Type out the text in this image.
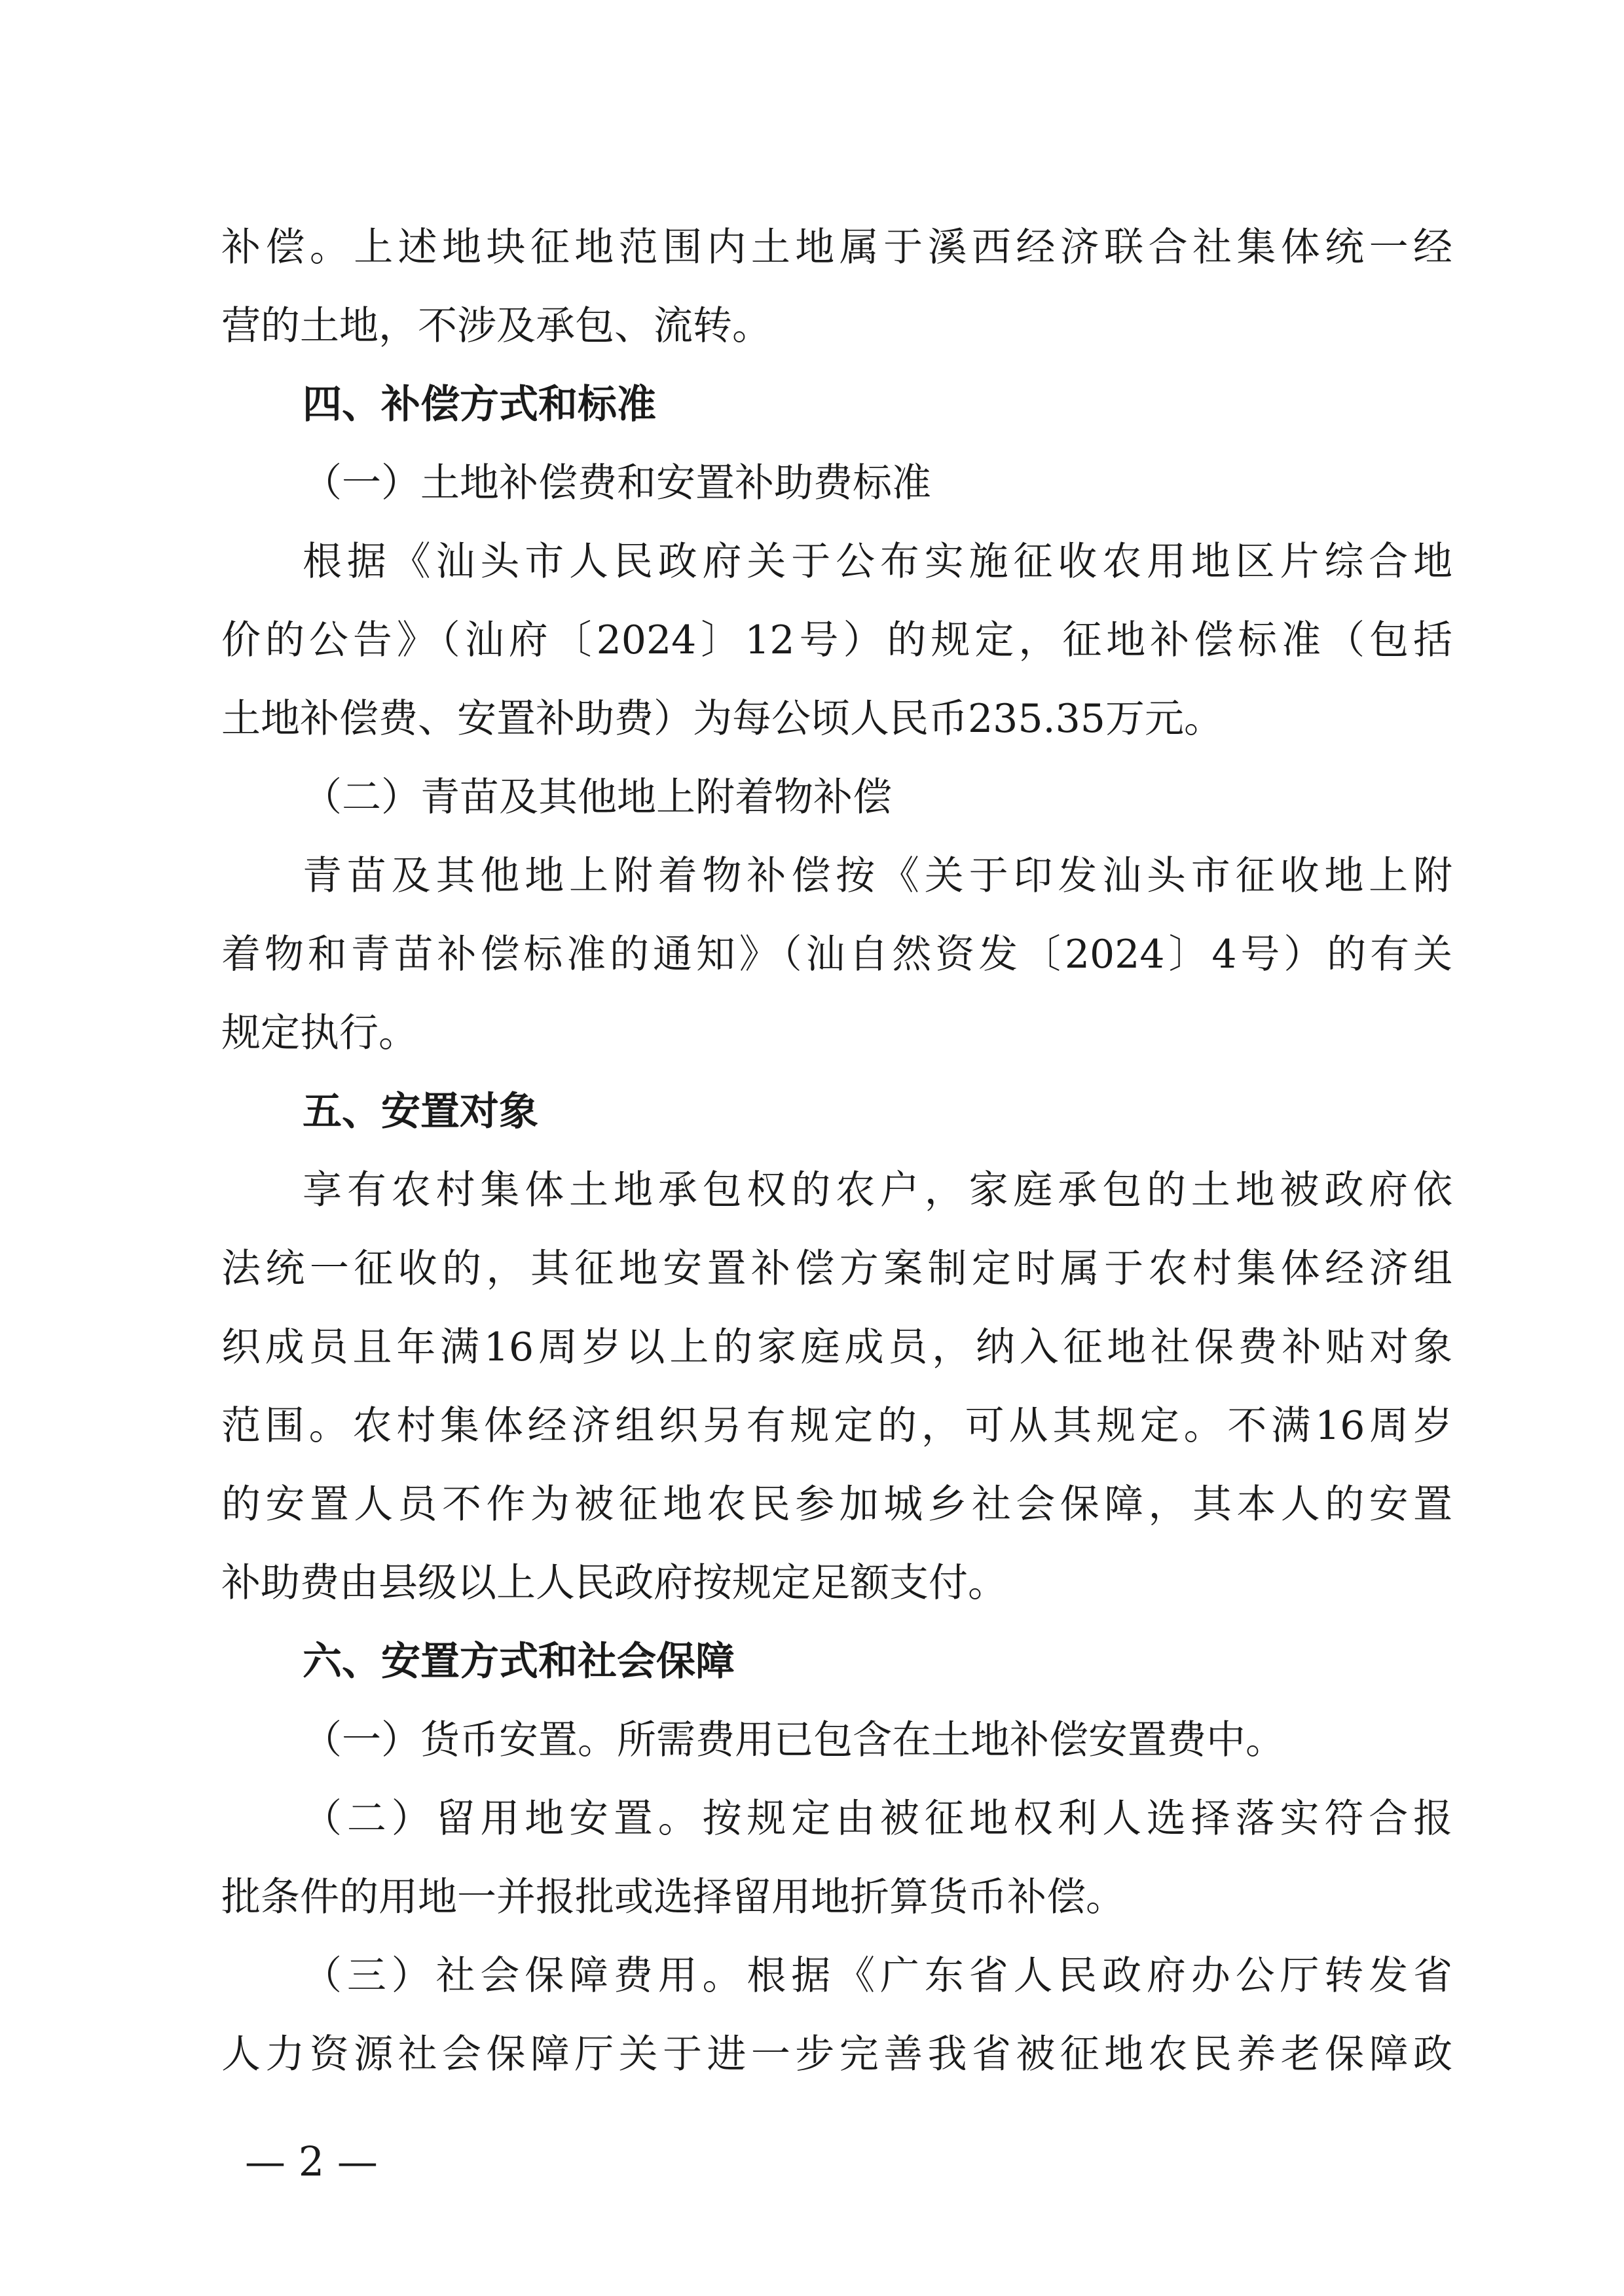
补偿。上述地块征地范围内土地属于溪西经济联合社集体统一经
营的土地，不涉及承包、流转。
四、补偿方式和标准
（一）土地补偿费和安置补助费标准
根据《汕头市人民政府关于公布实施征收农用地区片综合地
价的公告》（汕府〔2024〕12号）的规定，征地补偿标准（包括
土地补偿费、安置补助费）为每公顷人民币235.35万元。
（二）青苗及其他地上附着物补偿
青苗及其他地上附着物补偿按《关于印发汕头市征收地上附
着物和青苗补偿标准的通知》（汕自然资发〔2024〕4号）的有关
规定执行。
五、安置对象
享有农村集体土地承包权的农户，家庭承包的土地被政府依
法统一征收的，其征地安置补偿方案制定时属于农村集体经济组
织成员且年满16周岁以上的家庭成员，纳入征地社保费补贴对象
范围。农村集体经济组织另有规定的，可从其规定。不满16周岁
的安置人员不作为被征地农民参加城乡社会保障，其本人的安置
补助费由县级以上人民政府按规定足额支付。
六、安置方式和社会保障
（一）货币安置。所需费用已包含在土地补偿安置费中。
（二）留用地安置。按规定由被征地权利人选择落实符合报
批条件的用地一并报批或选择留用地折算货币补偿。
（三）社会保障费用。根据《广东省人民政府办公厅转发省
人力资源社会保障厅关于进一步完善我省被征地农民养老保障政
— 2 —
